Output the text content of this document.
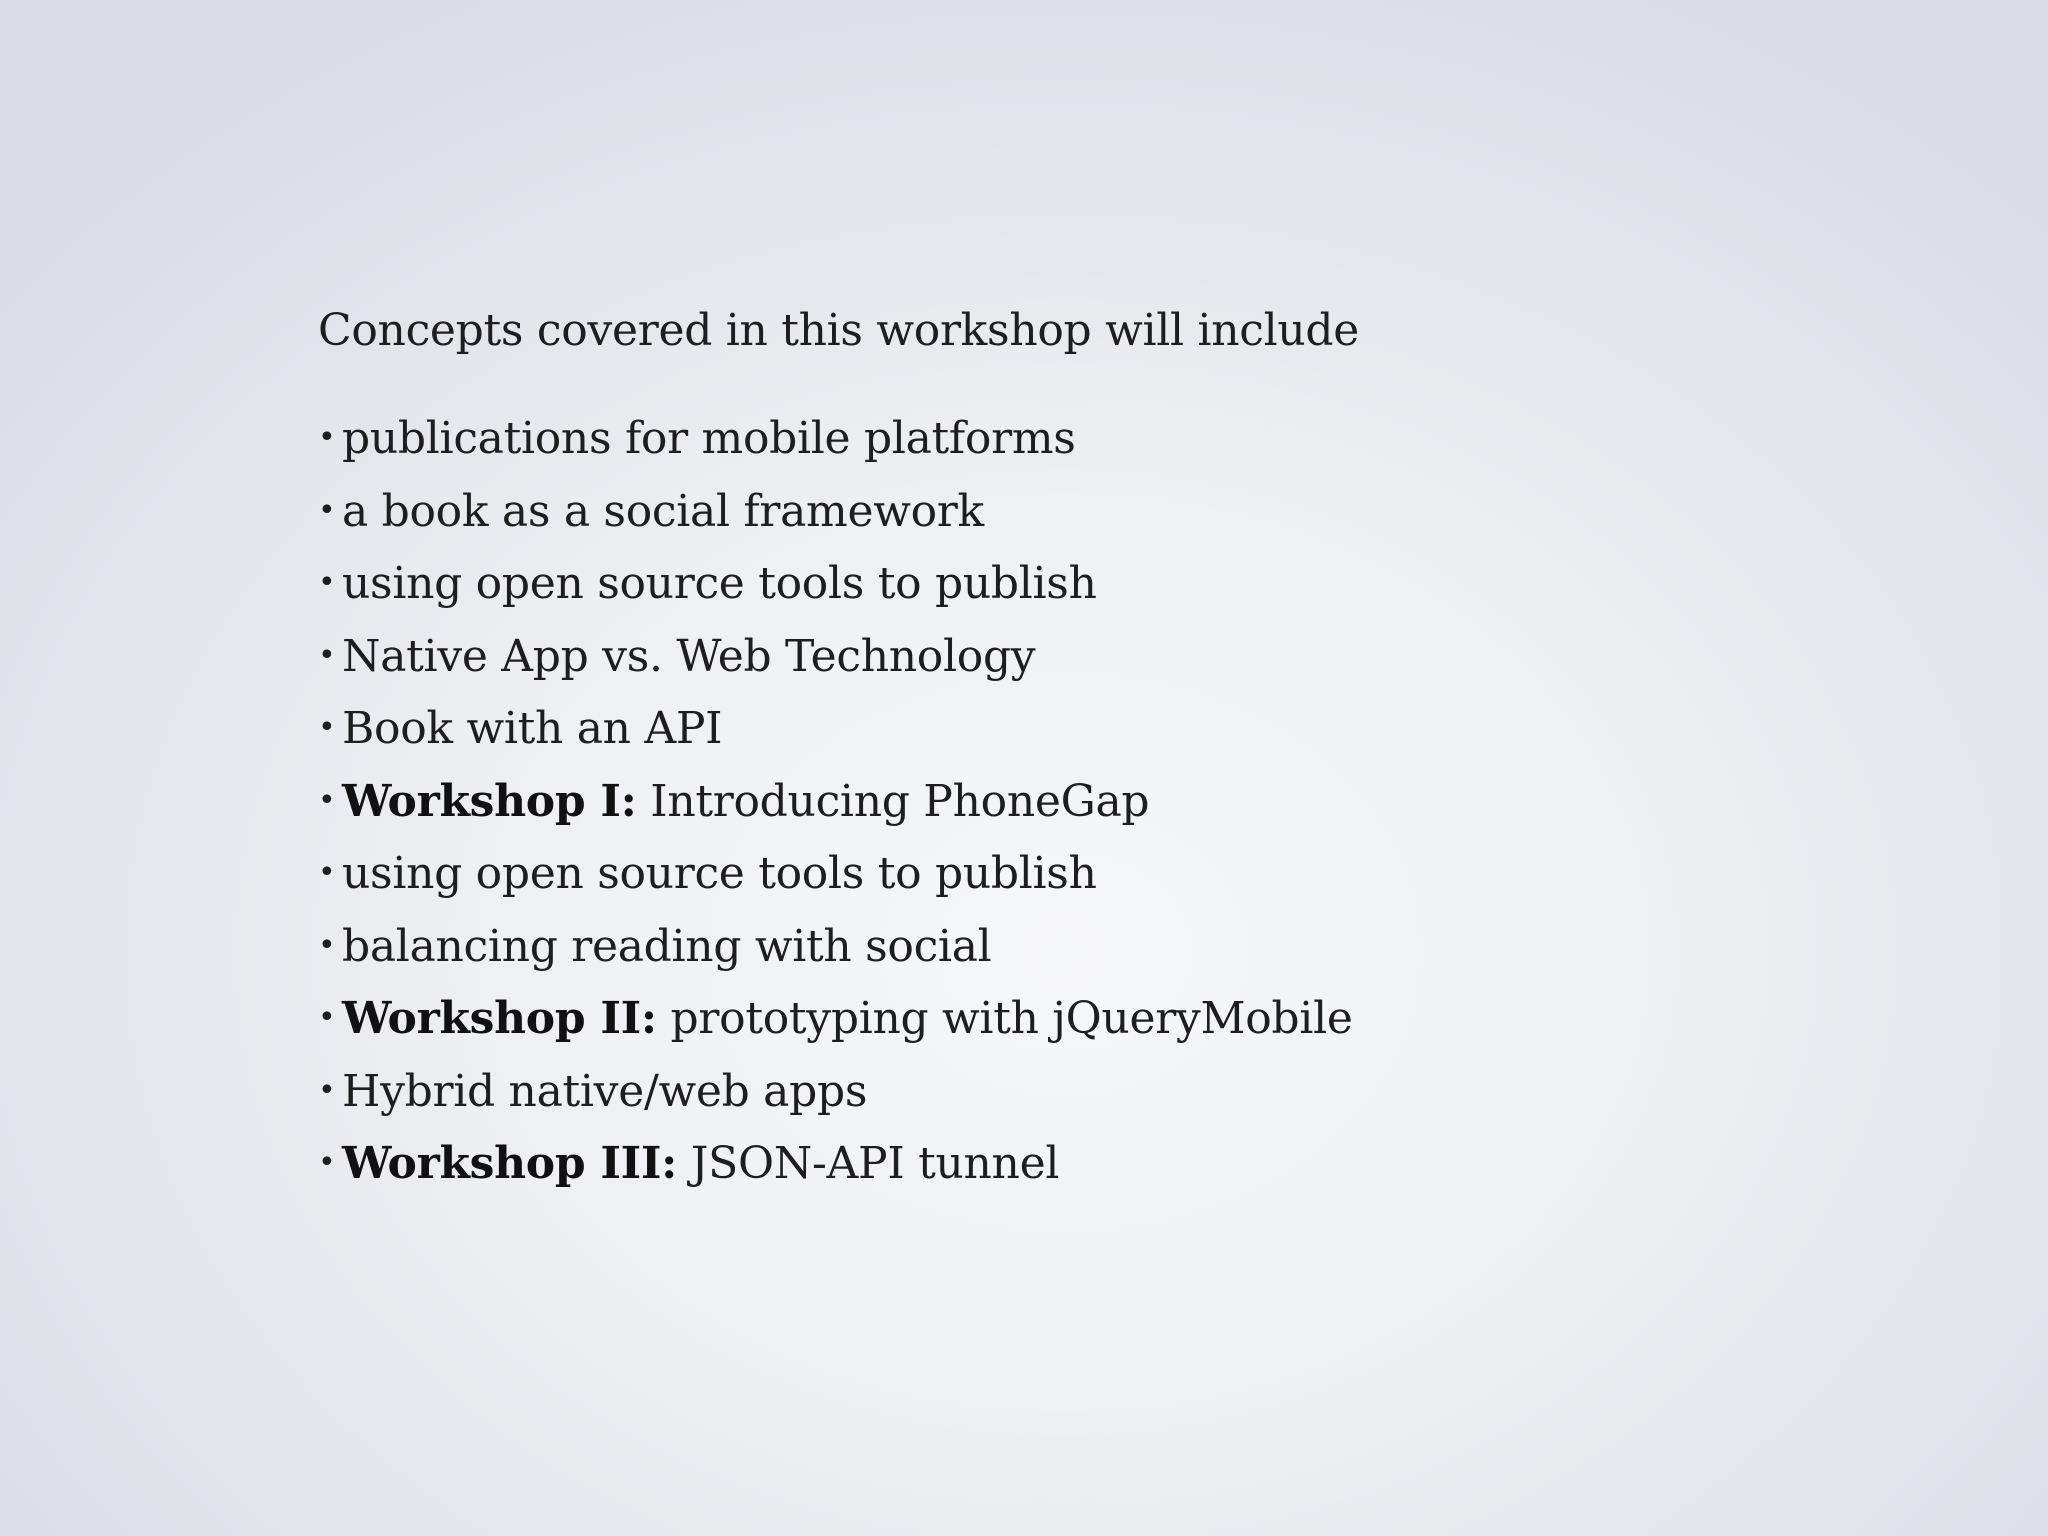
Concepts covered in this workshop will include

• publications for mobile platforms
• a book as a social framework
• using open source tools to publish
• Native App vs. Web Technology
• Book with an API
• Workshop I: Introducing PhoneGap
• using open source tools to publish
• balancing reading with social
• Workshop II: prototyping with jQueryMobile
• Hybrid native/web apps
• Workshop III: JSON-API tunnel
